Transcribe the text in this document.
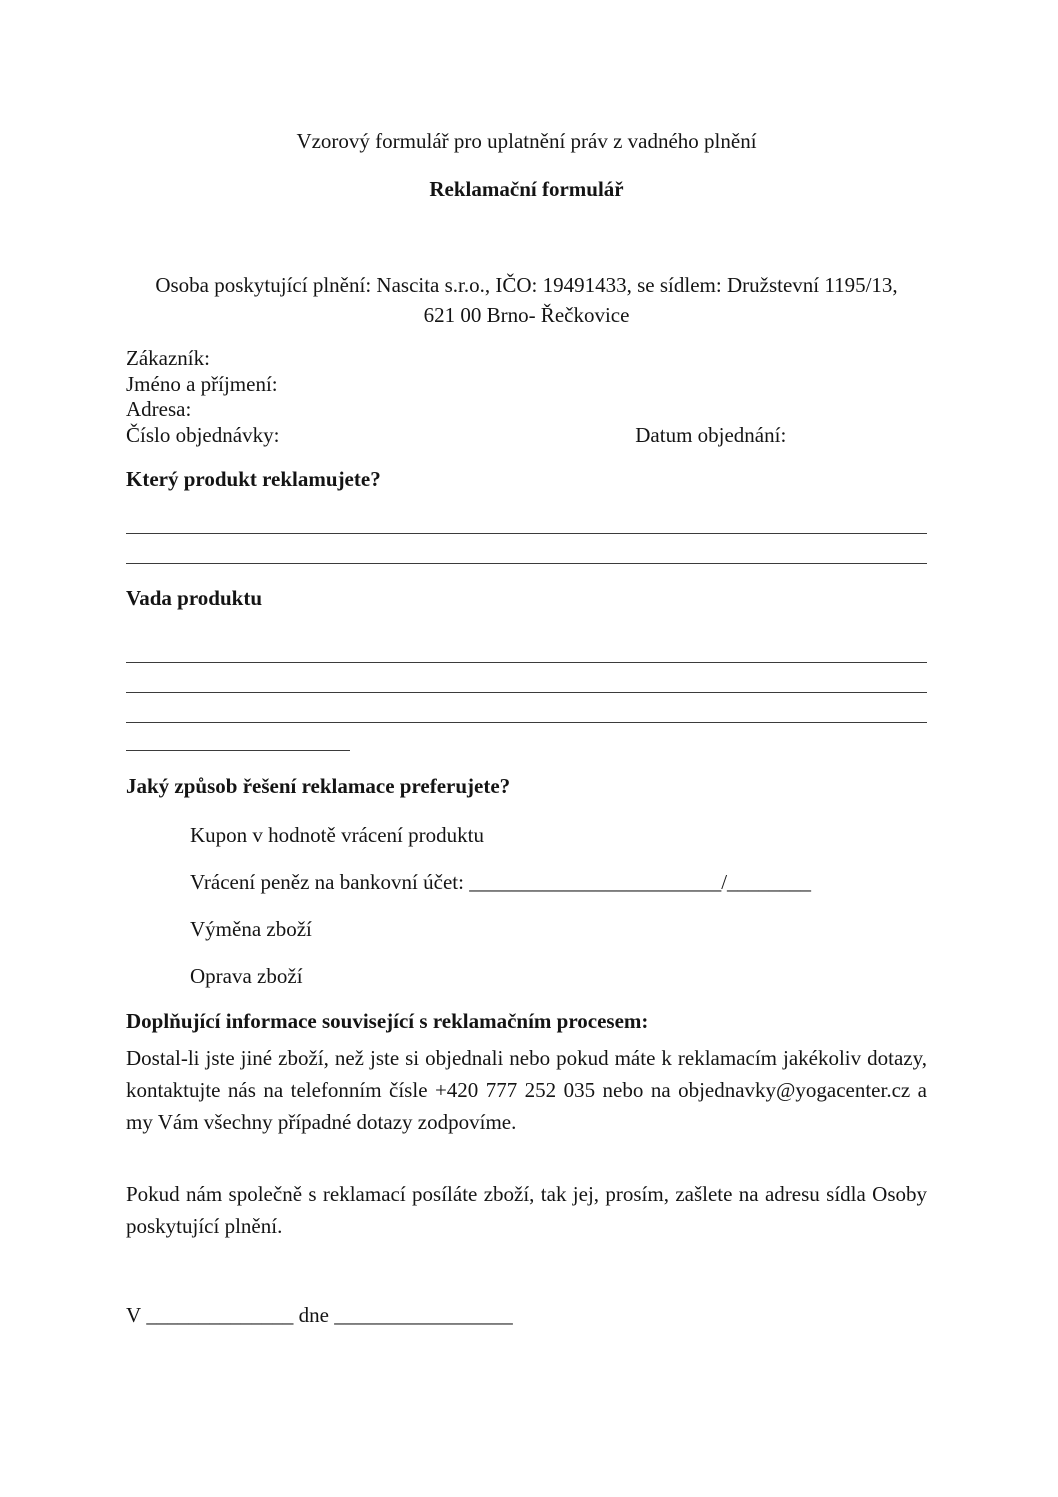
Vzorový formulář pro uplatnění práv z vadného plnění
Reklamační formulář
Osoba poskytující plnění: Nascita s.r.o., IČO: 19491433, se sídlem: Družstevní 1195/13,
621 00 Brno- Řečkovice
Zákazník:
Jméno a příjmení:
Adresa:
Číslo objednávky:	Datum objednání:
Který produkt reklamujete?
Vada produktu
Jaký způsob řešení reklamace preferujete?
Kupon v hodnotě vrácení produktu
Vrácení peněz na bankovní účet: ________________________/________
Výměna zboží
Oprava zboží
Doplňující informace související s reklamačním procesem:
Dostal-li jste jiné zboží, než jste si objednali nebo pokud máte k reklamacím jakékoliv dotazy, kontaktujte nás na telefonním čísle +420 777 252 035 nebo na objednavky@yogacenter.cz a my Vám všechny případné dotazy zodpovíme.
Pokud nám společně s reklamací posíláte zboží, tak jej, prosím, zašlete na adresu sídla Osoby poskytující plnění.
V ______________ dne _________________
